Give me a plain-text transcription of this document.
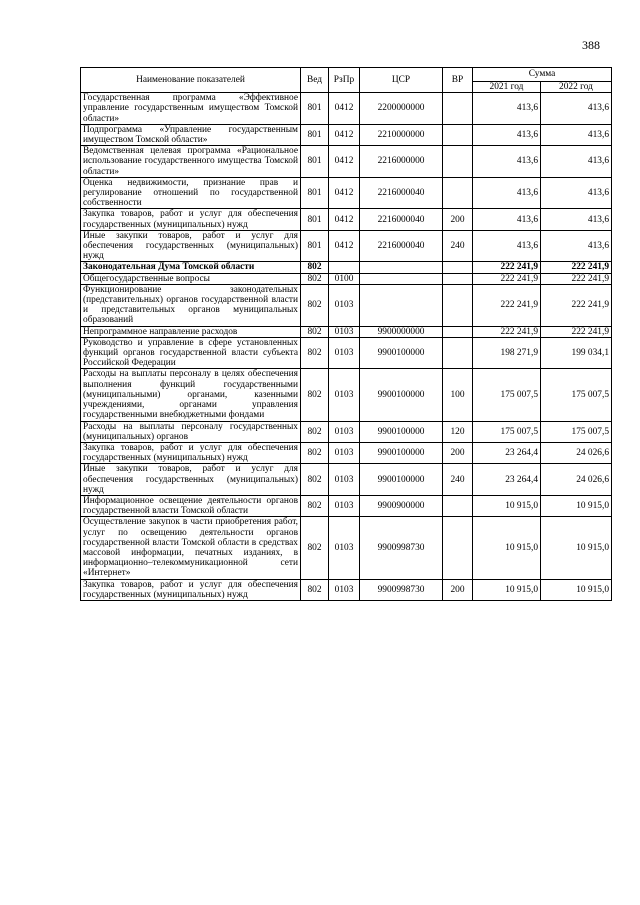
388
Наименование показателей	Вед	РзПр	ЦСР	ВР	Сумма	
					2021 год	2022 год
Государственная программа «Эффективное управление государственным имуществом Томской области»	801	0412	2200000000		413,6	413,6
Подпрограмма «Управление государственным имуществом Томской области»	801	0412	2210000000		413,6	413,6
Ведомственная целевая программа «Рациональное использование государственного имущества Томской области»	801	0412	2216000000		413,6	413,6
Оценка недвижимости, признание прав и регулирование отношений по государственной собственности	801	0412	2216000040		413,6	413,6
Закупка товаров, работ и услуг для обеспечения государственных (муниципальных) нужд	801	0412	2216000040	200	413,6	413,6
Иные закупки товаров, работ и услуг для обеспечения государственных (муниципальных) нужд	801	0412	2216000040	240	413,6	413,6
Законодательная Дума Томской области	802				222 241,9	222 241,9
Общегосударственные вопросы	802	0100			222 241,9	222 241,9
Функционирование законодательных (представительных) органов государственной власти и представительных органов муниципальных образований	802	0103			222 241,9	222 241,9
Непрограммное направление расходов	802	0103	9900000000		222 241,9	222 241,9
Руководство и управление в сфере установленных функций органов государственной власти субъекта Российской Федерации	802	0103	9900100000		198 271,9	199 034,1
Расходы на выплаты персоналу в целях обеспечения выполнения функций государственными (муниципальными) органами, казенными учреждениями, органами управления государственными внебюджетными фондами	802	0103	9900100000	100	175 007,5	175 007,5
Расходы на выплаты персоналу государственных (муниципальных) органов	802	0103	9900100000	120	175 007,5	175 007,5
Закупка товаров, работ и услуг для обеспечения государственных (муниципальных) нужд	802	0103	9900100000	200	23 264,4	24 026,6
Иные закупки товаров, работ и услуг для обеспечения государственных (муниципальных) нужд	802	0103	9900100000	240	23 264,4	24 026,6
Информационное освещение деятельности органов государственной власти Томской области	802	0103	9900900000		10 915,0	10 915,0
Осуществление закупок в части приобретения работ, услуг по освещению деятельности органов государственной власти Томской области в средствах массовой информации, печатных изданиях, в информационно–телекоммуникационной сети «Интернет»	802	0103	9900998730		10 915,0	10 915,0
Закупка товаров, работ и услуг для обеспечения государственных (муниципальных) нужд	802	0103	9900998730	200	10 915,0	10 915,0
